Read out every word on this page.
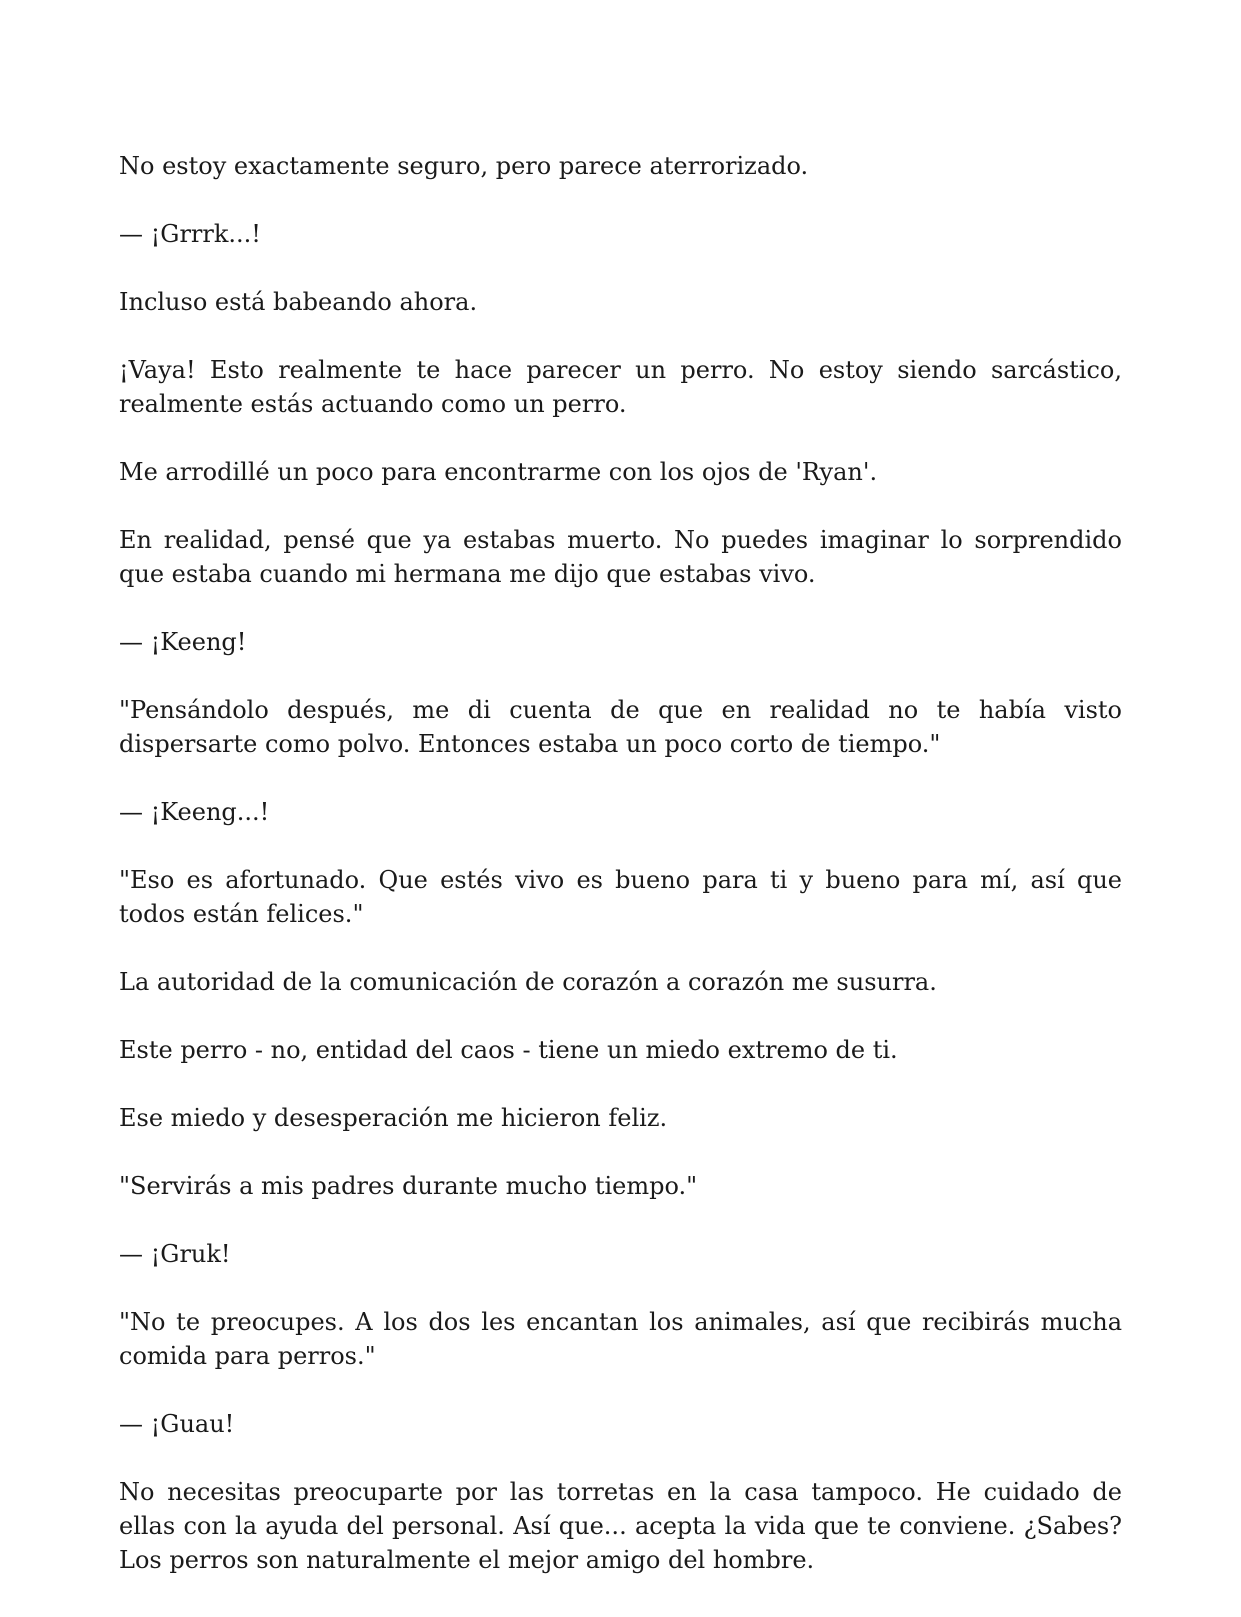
No estoy exactamente seguro, pero parece aterrorizado.

— ¡Grrrk...!

Incluso está babeando ahora.

¡Vaya! Esto realmente te hace parecer un perro. No estoy siendo sarcástico, realmente estás actuando como un perro.

Me arrodillé un poco para encontrarme con los ojos de 'Ryan'.

En realidad, pensé que ya estabas muerto. No puedes imaginar lo sorprendido que estaba cuando mi hermana me dijo que estabas vivo.

— ¡Keeng!

"Pensándolo después, me di cuenta de que en realidad no te había visto dispersarte como polvo. Entonces estaba un poco corto de tiempo."

— ¡Keeng...!

"Eso es afortunado. Que estés vivo es bueno para ti y bueno para mí, así que todos están felices."

La autoridad de la comunicación de corazón a corazón me susurra.

Este perro - no, entidad del caos - tiene un miedo extremo de ti.

Ese miedo y desesperación me hicieron feliz.

"Servirás a mis padres durante mucho tiempo."

— ¡Gruk!

"No te preocupes. A los dos les encantan los animales, así que recibirás mucha comida para perros."

— ¡Guau!

No necesitas preocuparte por las torretas en la casa tampoco. He cuidado de ellas con la ayuda del personal. Así que... acepta la vida que te conviene. ¿Sabes? Los perros son naturalmente el mejor amigo del hombre.
